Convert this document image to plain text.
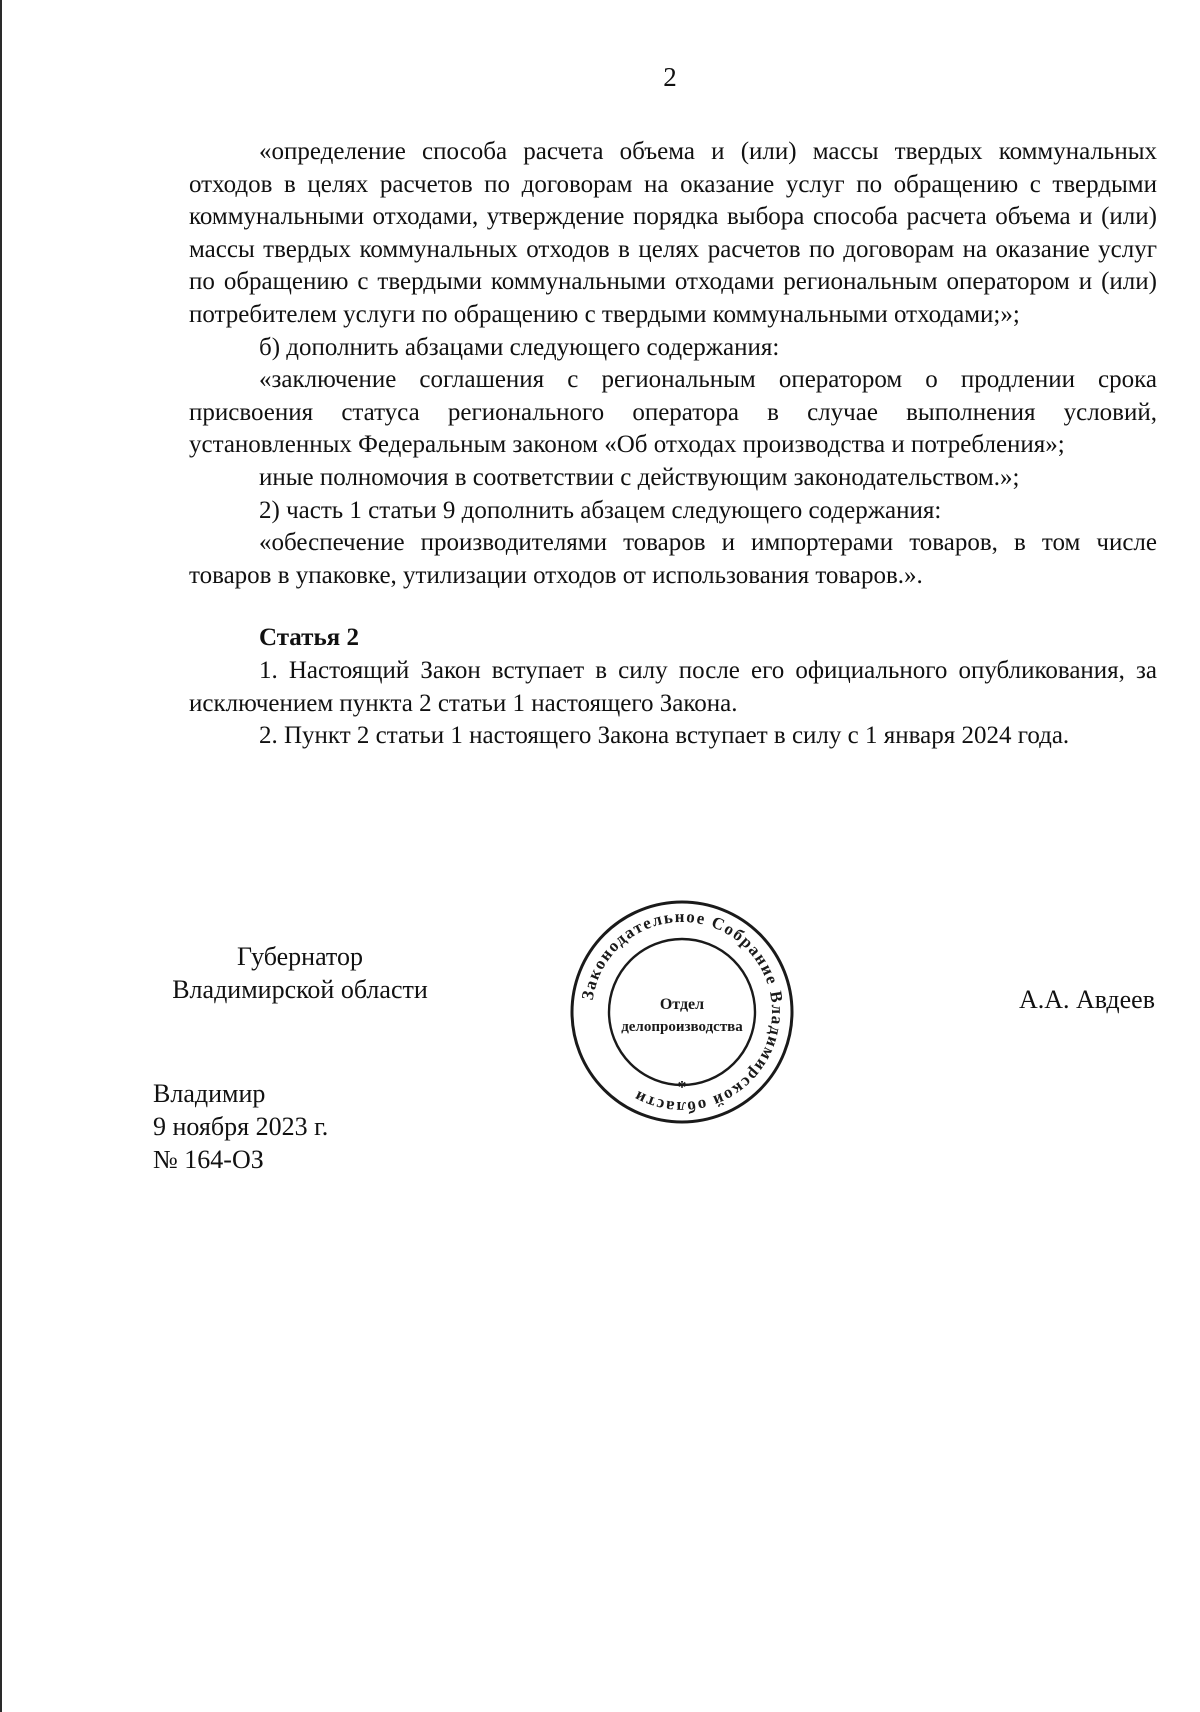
2

«определение способа расчета объема и (или) массы твердых коммунальных отходов в целях расчетов по договорам на оказание услуг по обращению с твердыми коммунальными отходами, утверждение порядка выбора способа расчета объема и (или) массы твердых коммунальных отходов в целях расчетов по договорам на оказание услуг по обращению с твердыми коммунальными отходами региональным оператором и (или) потребителем услуги по обращению с твердыми коммунальными отходами;»;

б) дополнить абзацами следующего содержания:

«заключение соглашения с региональным оператором о продлении срока присвоения статуса регионального оператора в случае выполнения условий, установленных Федеральным законом «Об отходах производства и потребления»;

иные полномочия в соответствии с действующим законодательством.»;

2) часть 1 статьи 9 дополнить абзацем следующего содержания:

«обеспечение производителями товаров и импортерами товаров, в том числе товаров в упаковке, утилизации отходов от использования товаров.».

Статья 2

1. Настоящий Закон вступает в силу после его официального опубликования, за исключением пункта 2 статьи 1 настоящего Закона.

2. Пункт 2 статьи 1 настоящего Закона вступает в силу с 1 января 2024 года.

Губернатор
Владимирской области	Законодательное Собрание Владимирской области	*
Отдел
делопроизводства
А.А. Авдеев
Владимир
9 ноября 2023 г.
№ 164-ОЗ
